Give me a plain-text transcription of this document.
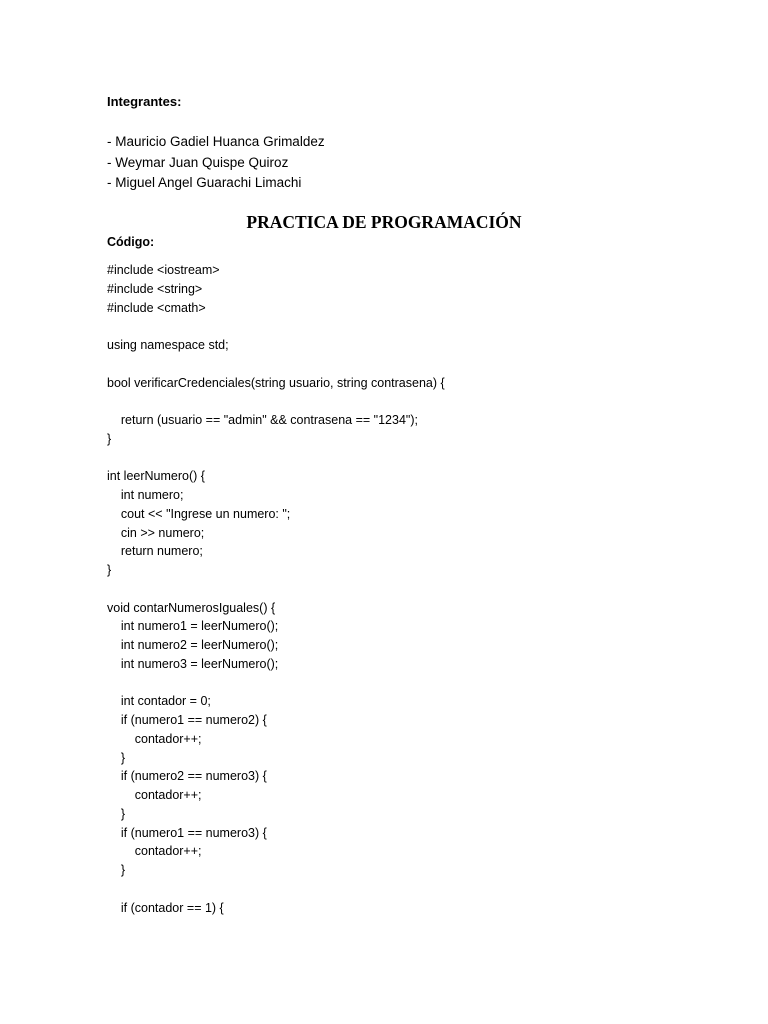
Integrantes:
- Mauricio Gadiel Huanca Grimaldez
- Weymar Juan Quispe Quiroz
- Miguel Angel Guarachi Limachi
PRACTICA DE PROGRAMACIÓN
Código:
#include <iostream>
#include <string>
#include <cmath>
using namespace std;
bool verificarCredenciales(string usuario, string contrasena) {
return (usuario == "admin" && contrasena == "1234");
}
int leerNumero() {
int numero;
cout << "Ingrese un numero: ";
cin >> numero;
return numero;
}
void contarNumerosIguales() {
int numero1 = leerNumero();
int numero2 = leerNumero();
int numero3 = leerNumero();
int contador = 0;
if (numero1 == numero2) {
contador++;
}
if (numero2 == numero3) {
contador++;
}
if (numero1 == numero3) {
contador++;
}
if (contador == 1) {
